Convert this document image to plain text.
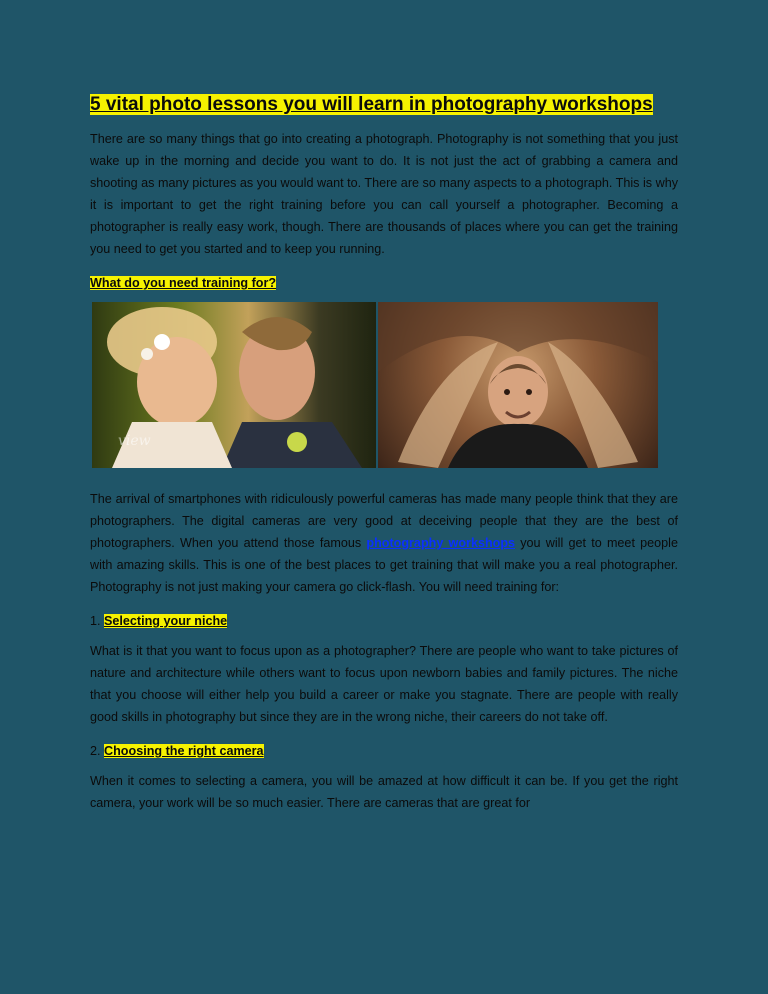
5 vital photo lessons you will learn in photography workshops

There are so many things that go into creating a photograph. Photography is not something that you just wake up in the morning and decide you want to do. It is not just the act of grabbing a camera and shooting as many pictures as you would want to. There are so many aspects to a photograph. This is why it is important to get the right training before you can call yourself a photographer. Becoming a photographer is really easy work, though. There are thousands of places where you can get the training you need to get you started and to keep you running.

What do you need training for?

view

The arrival of smartphones with ridiculously powerful cameras has made many people think that they are photographers. The digital cameras are very good at deceiving people that they are the best of photographers. When you attend those famous photography workshops you will get to meet people with amazing skills. This is one of the best places to get training that will make you a real photographer. Photography is not just making your camera go click-flash. You will need training for:

1. Selecting your niche

What is it that you want to focus upon as a photographer? There are people who want to take pictures of nature and architecture while others want to focus upon newborn babies and family pictures. The niche that you choose will either help you build a career or make you stagnate. There are people with really good skills in photography but since they are in the wrong niche, their careers do not take off.

2. Choosing the right camera

When it comes to selecting a camera, you will be amazed at how difficult it can be. If you get the right camera, your work will be so much easier. There are cameras that are great for
